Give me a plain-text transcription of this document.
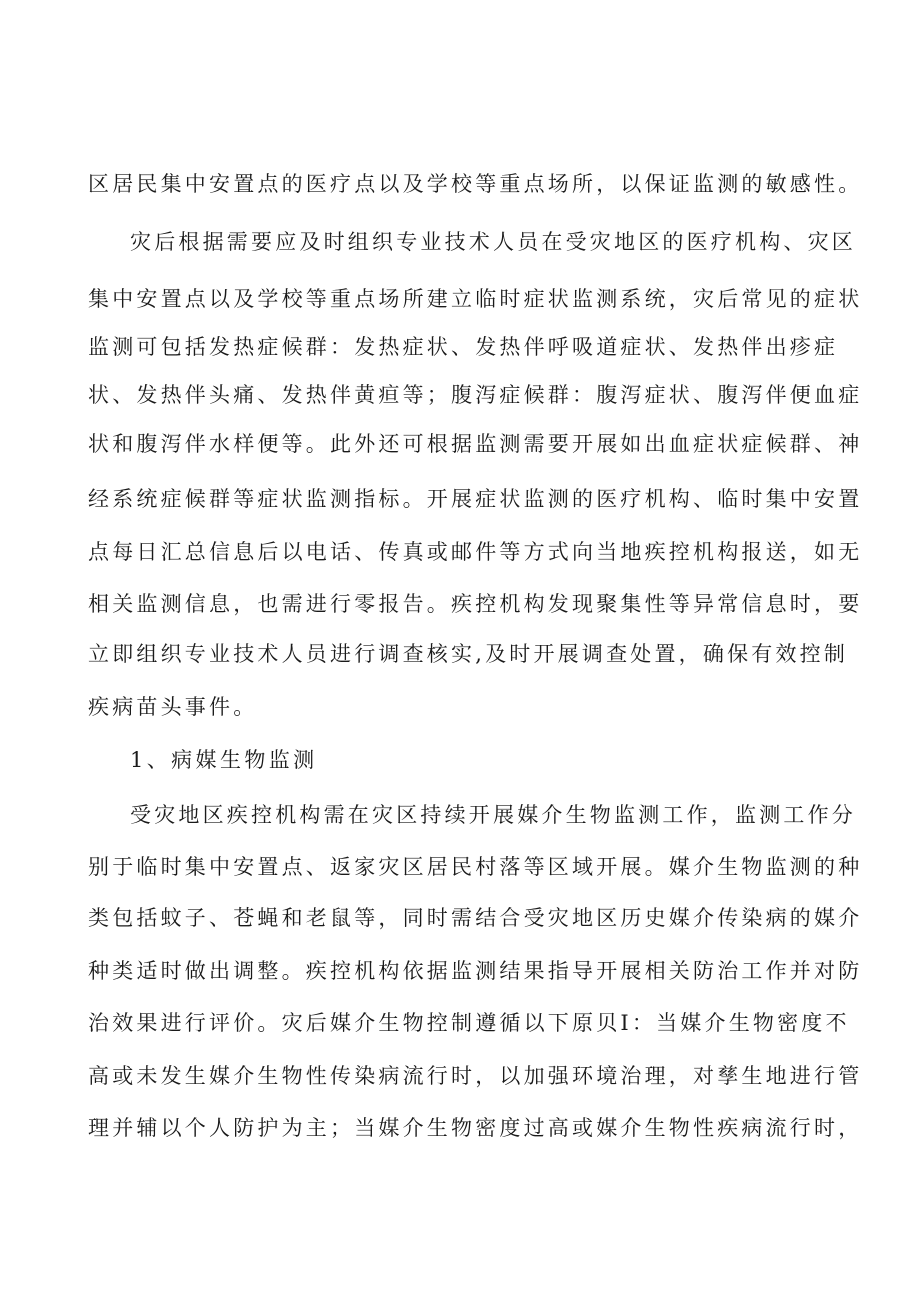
区居民集中安置点的医疗点以及学校等重点场所，以保证监测的敏感性。
灾后根据需要应及时组织专业技术人员在受灾地区的医疗机构、灾区
集中安置点以及学校等重点场所建立临时症状监测系统，灾后常见的症状
监测可包括发热症候群：发热症状、发热伴呼吸道症状、发热伴出疹症
状、发热伴头痛、发热伴黄疸等；腹泻症候群：腹泻症状、腹泻伴便血症
状和腹泻伴水样便等。此外还可根据监测需要开展如出血症状症候群、神
经系统症候群等症状监测指标。开展症状监测的医疗机构、临时集中安置
点每日汇总信息后以电话、传真或邮件等方式向当地疾控机构报送，如无
相关监测信息，也需进行零报告。疾控机构发现聚集性等异常信息时，要
立即组织专业技术人员进行调查核实,及时开展调查处置，确保有效控制
疾病苗头事件。
1、病媒生物监测
受灾地区疾控机构需在灾区持续开展媒介生物监测工作，监测工作分
别于临时集中安置点、返家灾区居民村落等区域开展。媒介生物监测的种
类包括蚊子、苍蝇和老鼠等，同时需结合受灾地区历史媒介传染病的媒介
种类适时做出调整。疾控机构依据监测结果指导开展相关防治工作并对防
治效果进行评价。灾后媒介生物控制遵循以下原贝I：当媒介生物密度不
高或未发生媒介生物性传染病流行时，以加强环境治理，对孳生地进行管
理并辅以个人防护为主；当媒介生物密度过高或媒介生物性疾病流行时，
